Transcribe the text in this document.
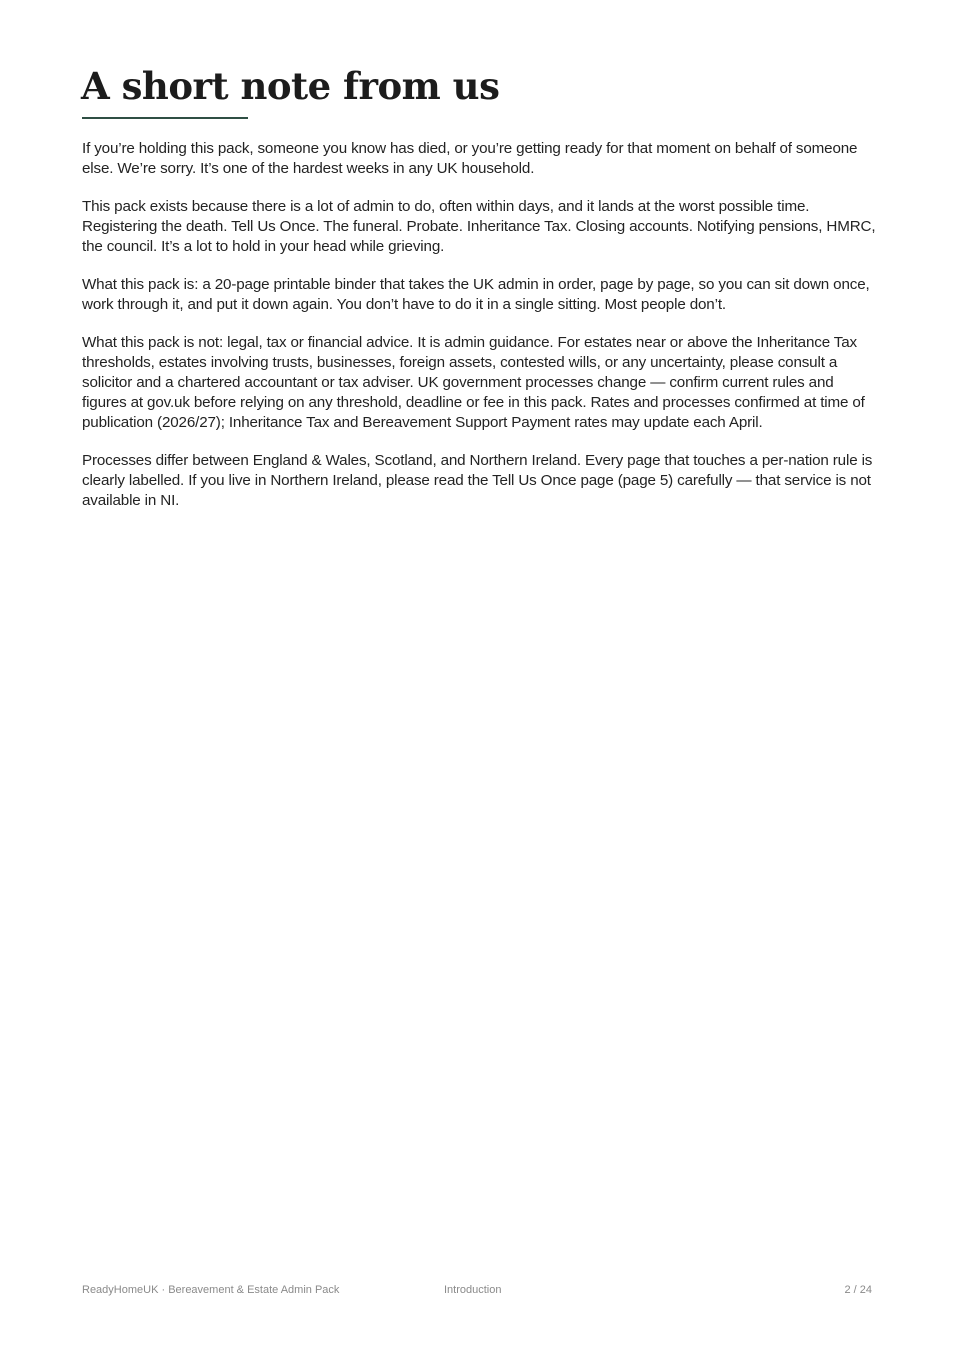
A short note from us

If you’re holding this pack, someone you know has died, or you’re getting ready for that moment on behalf of someone else. We’re sorry. It’s one of the hardest weeks in any UK household.

This pack exists because there is a lot of admin to do, often within days, and it lands at the worst possible time. Registering the death. Tell Us Once. The funeral. Probate. Inheritance Tax. Closing accounts. Notifying pensions, HMRC, the council. It’s a lot to hold in your head while grieving.

What this pack is: a 20-page printable binder that takes the UK admin in order, page by page, so you can sit down once, work through it, and put it down again. You don’t have to do it in a single sitting. Most people don’t.

What this pack is not: legal, tax or financial advice. It is admin guidance. For estates near or above the Inheritance Tax thresholds, estates involving trusts, businesses, foreign assets, contested wills, or any uncertainty, please consult a solicitor and a chartered accountant or tax adviser. UK government processes change — confirm current rules and figures at gov.uk before relying on any threshold, deadline or fee in this pack. Rates and processes confirmed at time of publication (2026/27); Inheritance Tax and Bereavement Support Payment rates may update each April.

Processes differ between England & Wales, Scotland, and Northern Ireland. Every page that touches a per-nation rule is clearly labelled. If you live in Northern Ireland, please read the Tell Us Once page (page 5) carefully — that service is not available in NI.

ReadyHomeUK · Bereavement & Estate Admin Pack	Introduction	2 / 24
